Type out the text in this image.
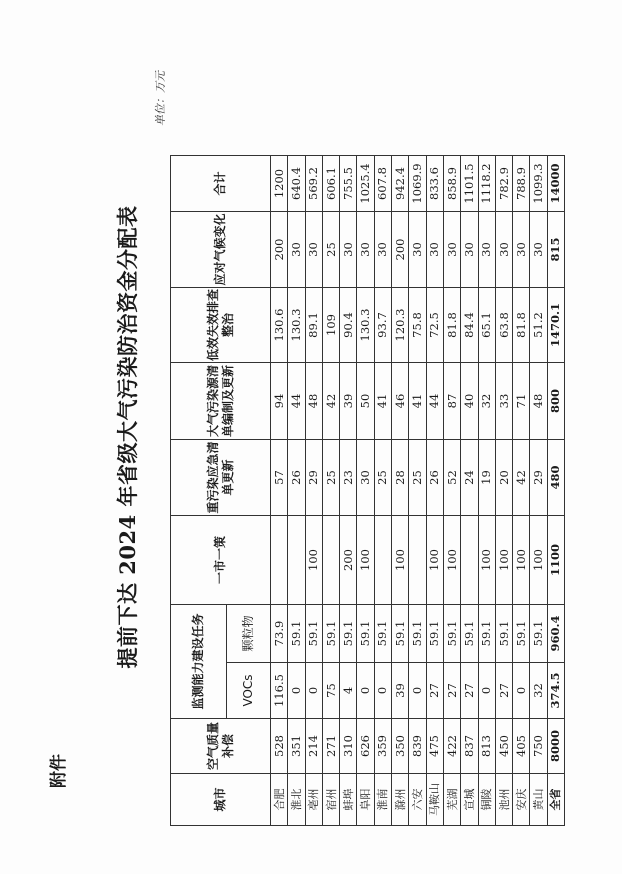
附件
提前下达 2024 年省级大气污染防治资金分配表
单位：万元
城市	空气质量补偿	监测能力建设任务		一市一策	重污染应急清单更新	大气污染源清单编制及更新	低效失效排查整治	应对气候变化	合计
		VOCs	颗粒物						
合肥	528	116.5	73.9		57	94	130.6	200	1200
淮北	351	0	59.1		26	44	130.3	30	640.4
亳州	214	0	59.1	100	29	48	89.1	30	569.2
宿州	271	75	59.1		25	42	109	25	606.1
蚌埠	310	4	59.1	200	23	39	90.4	30	755.5
阜阳	626	0	59.1	100	30	50	130.3	30	1025.4
淮南	359	0	59.1		25	41	93.7	30	607.8
滁州	350	39	59.1	100	28	46	120.3	200	942.4
六安	839	0	59.1		25	41	75.8	30	1069.9
马鞍山	475	27	59.1	100	26	44	72.5	30	833.6
芜湖	422	27	59.1	100	52	87	81.8	30	858.9
宣城	837	27	59.1		24	40	84.4	30	1101.5
铜陵	813	0	59.1	100	19	32	65.1	30	1118.2
池州	450	27	59.1	100	20	33	63.8	30	782.9
安庆	405	0	59.1	100	42	71	81.8	30	788.9
黄山	750	32	59.1	100	29	48	51.2	30	1099.3
全省	8000	374.5	960.4	1100	480	800	1470.1	815	14000
